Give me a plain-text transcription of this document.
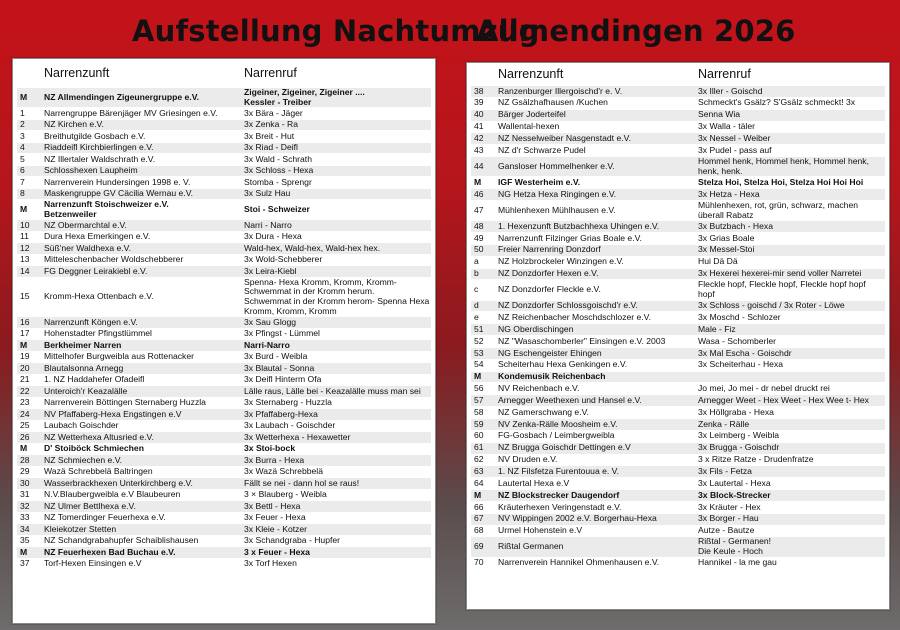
Aufstellung Nachtumzug
Allmendingen 2026
Narrenzunft	Narrenruf
M	NZ Allmendingen Zigeunergruppe e.V.	Zigeiner, Zigeiner, Zigeiner ....
Kessler - Treiber
1	Narrengruppe Bärenjäger MV Griesingen e.V.	3x Bära - Jäger
2	NZ Kirchen e.V.	3x Zenka - Ra
3	Breithutgilde Gosbach e.V.	3x Breit - Hut
4	Riaddeifl Kirchbierlingen e.V.	3x Riad - Deifl
5	NZ Illertaler Waldschrath e.V.	3x Wald - Schrath
6	Schlosshexen Laupheim	3x Schloss - Hexa
7	Narrenverein Hundersingen 1998 e. V.	Stomba - Sprengr
8	Maskengruppe GV Cäcilia Wernau e.V.	3x Sulz Hau
M	Narrenzunft Stoischweizer e.V.
Betzenweiler	Stoi - Schweizer
10	NZ Obermarchtal e.V.	Narri - Narro
11	Dura Hexa Emerkingen e.V.	3x Dura - Hexa
12	Süß'ner Waldhexa e.V.	Wald-hex, Wald-hex, Wald-hex hex.
13	Mitteleschenbacher Woldschebberer	3x Wold-Schebberer
14	FG Deggner Leirakiebl e.V.	3x Leira-Kiebl
15	Kromm-Hexa Ottenbach e.V.
Spenna- Hexa Kromm, Kromm, Kromm-
Schwemmat in der Kromm herum.
Schwemmat in der Kromm herom- Spenna Hexa
Kromm, Kromm, Kromm
16	Narrenzunft Köngen e.V.	3x Sau Glogg
17	Hohenstadter Pfingstlümmel	3x Pfingst - Lümmel
M	Berkheimer Narren	Narri-Narro
19	Mittelhofer Burgweibla aus Rottenacker	3x Burd - Weibla
20	Blautalsonna Arnegg	3x Blautal - Sonna
21	1. NZ Haddahefer Ofadeifl	3x Deifl Hinterm Ofa
22	Unteroich'r Keazalälle	Lälle raus, Lälle bei - Keazalälle muss man sei
23	Narrenverein Böttingen Sternaberg Huzzla	3x Sternaberg - Huzzla
24	NV Pfaffaberg-Hexa Engstingen e.V	3x Pfaffaberg-Hexa
25	Laubach Goischder	3x Laubach - Goischder
26	NZ Wetterhexa Altusried e.V.	3x Wetterhexa - Hexawetter
M	D' Stoiböck Schmiechen	3x Stoi-bock
28	NZ Schmiechen e.V.	3x Burra - Hexa
29	Wazä Schrebbelä Baltringen	3x Wazä Schrebbelä
30	Wasserbrackhexen Unterkirchberg e.V.	Fällt se nei - dann hol se raus!
31	N.V.Blaubergweibla e.V Blaubeuren	3 × Blauberg - Weibla
32	NZ Ulmer Bettlhexa e.V.	3x Bettl - Hexa
33	NZ Tomerdinger Feuerhexa e.V.	3x Feuer - Hexa
34	Kleiekotzer Stetten	3x Kleie - Kotzer
35	NZ Schandgrabahupfer Schaiblishausen	3x Schandgraba - Hupfer
M	NZ Feuerhexen Bad Buchau e.V.	3 x Feuer - Hexa
37	Torf-Hexen Einsingen e.V	3x Torf Hexen
Narrenzunft	Narrenruf
38	Ranzenburger Illergoischd'r e. V.	3x Iller - Goischd
39	NZ Gsälzhafhausen /Kuchen	Schmeckt's Gsälz? S'Gsälz schmeckt! 3x
40	Bärger Joderteifel	Senna Wia
41	Wallental-hexen	3x Walla - täler
42	NZ Nesselweiber Nasgenstadt e.V.	3x Nessel - Weiber
43	NZ d'r Schwarze Pudel	3x Pudel - pass auf
44	Gansloser Hommelhenker e.V.	Hommel henk, Hommel henk, Hommel henk,
henk, henk.
M	IGF Westerheim e.V.	Stelza Hoi, Stelza Hoi, Stelza Hoi Hoi Hoi
46	NG Hetza Hexa Ringingen e.V.	3x Hetza - Hexa
47	Mühlenhexen Mühlhausen e.V.	Mühlenhexen, rot, grün, schwarz, machen
überall Rabatz
48	1. Hexenzunft Butzbachhexa Uhingen e.V.	3x Butzbach - Hexa
49	Narrenzunft Filzinger Grias Boale e.V.	3x Grias Boale
50	Freier Narrenring Donzdorf	3x Messel-Stoi
a	NZ Holzbrockeler Winzingen e.V.	Hui Dä Dä
b	NZ Donzdorfer Hexen e.V.	3x Hexerei hexerei-mir send voller Narretei
c	NZ Donzdorfer Fleckle e.V.	Fleckle hopf, Fleckle hopf, Fleckle hopf hopf
hopf
d	NZ Donzdorfer Schlossgoischd'r e.V.	3x Schloss - goischd / 3x Roter - Löwe
e	NZ Reichenbacher Moschdschlozer e.V.	3x Moschd - Schlozer
51	NG Oberdischingen	Male - Fiz
52	NZ "Wasaschomberler" Einsingen e.V. 2003	Wasa - Schomberler
53	NG Eschengeister Ehingen	3x Mal Escha - Goischdr
54	Scheiterhau Hexa Genkingen e.V.	3x Scheiterhau - Hexa
M	Kondemusik Reichenbach
56	NV Reichenbach e.V.	Jo mei, Jo mei - dr nebel druckt rei
57	Arnegger Weethexen und Hansel e.V.	Arnegger Weet - Hex Weet - Hex Wee t- Hex
58	NZ Gamerschwang e.V.	3x Höllgraba - Hexa
59	NV Zenka-Rälle Moosheim e.V.	Zenka - Rälle
60	FG-Gosbach / Leimbergweibla	3x Leimberg - Weibla
61	NZ Brugga Goischdr Dettingen e.V	3x Brugga - Goischdr
62	NV Druden e.V.	3 x Ritze Ratze - Drudenfratze
63	1. NZ Filsfetza Furentouua e. V.	3x Fils - Fetza
64	Lautertal Hexa e.V	3x Lautertal - Hexa
M	NZ Blockstrecker Daugendorf	3x Block-Strecker
66	Kräuterhexen Veringenstadt e.V.	3x Kräuter - Hex
67	NV Wippingen 2002 e.V. Borgerhau-Hexa	3x Borger - Hau
68	Urmel Hohenstein e.V	Autze - Bautze
69	Rißtal Germanen	Rißtal - Germanen!
Die Keule - Hoch
70	Narrenverein Hannikel Ohmenhausen e.V.	Hannikel - la me gau
